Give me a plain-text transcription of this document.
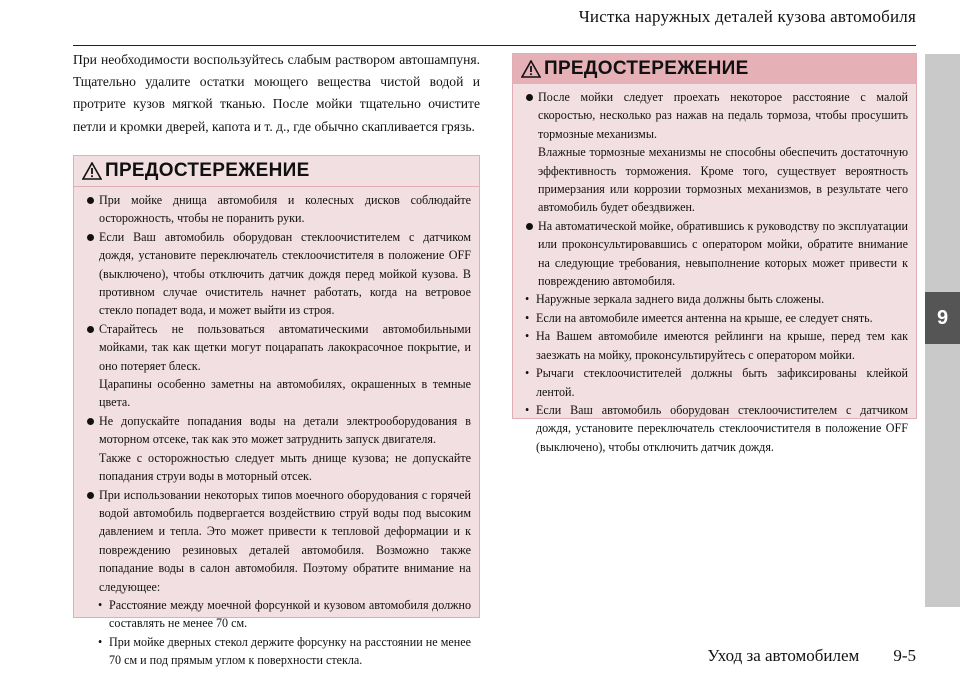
Чистка наружных деталей кузова автомобиля
9
При необходимости воспользуйтесь слабым раствором автошампуня. Тщательно удалите остатки моющего вещества чистой водой и протрите кузов мягкой тканью. После мойки тщательно очистите петли и кромки дверей, капота и т. д., где обычно скапливается грязь.
ПРЕДОСТЕРЕЖЕНИЕ
При мойке днища автомобиля и колесных дисков соблюдайте осторожность, чтобы не поранить руки.
Если Ваш автомобиль оборудован стеклоочистителем с датчиком дождя, установите переключатель стеклоочистителя в положение OFF (выключено), чтобы отключить датчик дождя перед мойкой кузова. В противном случае очиститель начнет работать, когда на ветровое стекло попадет вода, и может выйти из строя.
Старайтесь не пользоваться автоматическими автомобильными мойками, так как щетки могут поцарапать лакокрасочное покрытие, и оно потеряет блеск.
Царапины особенно заметны на автомобилях, окрашенных в темные цвета.
Не допускайте попадания воды на детали электрооборудования в моторном отсеке, так как это может затруднить запуск двигателя.
Также с осторожностью следует мыть днище кузова; не допускайте попадания струи воды в моторный отсек.
При использовании некоторых типов моечного оборудования с горячей водой автомобиль подвергается воздействию струй воды под высоким давлением и тепла. Это может привести к тепловой деформации и к повреждению резиновых деталей автомобиля. Возможно также попадание воды в салон автомобиля. Поэтому обратите внимание на следующее:
• Расстояние между моечной форсункой и кузовом автомобиля должно составлять не менее 70 см.
• При мойке дверных стекол держите форсунку на расстоянии не менее 70 см и под прямым углом к поверхности стекла.
ПРЕДОСТЕРЕЖЕНИЕ
После мойки следует проехать некоторое расстояние с малой скоростью, несколько раз нажав на педаль тормоза, чтобы просушить тормозные механизмы.
Влажные тормозные механизмы не способны обеспечить достаточную эффективность торможения. Кроме того, существует вероятность примерзания или коррозии тормозных механизмов, в результате чего автомобиль будет обездвижен.
На автоматической мойке, обратившись к руководству по эксплуатации или проконсультировавшись с оператором мойки, обратите внимание на следующие требования, невыполнение которых может привести к повреждению автомобиля.
• Наружные зеркала заднего вида должны быть сложены.
• Если на автомобиле имеется антенна на крыше, ее следует снять.
• На Вашем автомобиле имеются рейлинги на крыше, перед тем как заезжать на мойку, проконсультируйтесь с оператором мойки.
• Рычаги стеклоочистителей должны быть зафиксированы клейкой лентой.
• Если Ваш автомобиль оборудован стеклоочистителем с датчиком дождя, установите переключатель стеклоочистителя в положение OFF (выключено), чтобы отключить датчик дождя.
Уход за автомобилем 9-5
